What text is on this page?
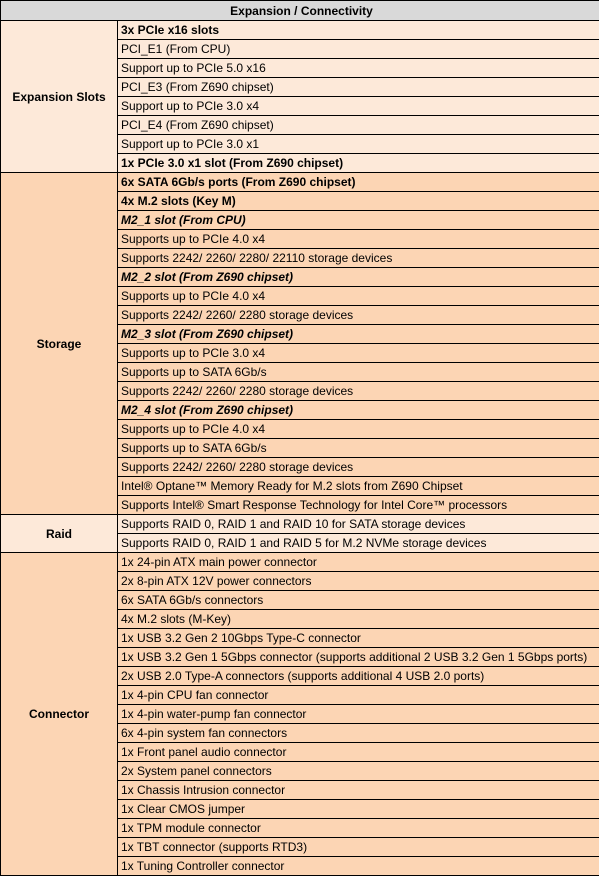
Expansion / Connectivity	
Expansion Slots	3x PCIe x16 slots
	PCI_E1 (From CPU)
	Support up to PCIe 5.0 x16
	PCI_E3 (From Z690 chipset)
	Support up to PCIe 3.0 x4
	PCI_E4 (From Z690 chipset)
	Support up to PCIe 3.0 x1
	1x PCIe 3.0 x1 slot (From Z690 chipset)
Storage	6x SATA 6Gb/s ports (From Z690 chipset)
	4x M.2 slots (Key M)
	M2_1 slot (From CPU)
	Supports up to PCIe 4.0 x4
	Supports 2242/ 2260/ 2280/ 22110 storage devices
	M2_2 slot (From Z690 chipset)
	Supports up to PCIe 4.0 x4
	Supports 2242/ 2260/ 2280 storage devices
	M2_3 slot (From Z690 chipset)
	Supports up to PCIe 3.0 x4
	Supports up to SATA 6Gb/s
	Supports 2242/ 2260/ 2280 storage devices
	M2_4 slot (From Z690 chipset)
	Supports up to PCIe 4.0 x4
	Supports up to SATA 6Gb/s
	Supports 2242/ 2260/ 2280 storage devices
	Intel® Optane™ Memory Ready for M.2 slots from Z690 Chipset
	Supports Intel® Smart Response Technology for Intel Core™ processors
Raid	Supports RAID 0, RAID 1 and RAID 10 for SATA storage devices
	Supports RAID 0, RAID 1 and RAID 5 for M.2 NVMe storage devices
Connector	1x 24-pin ATX main power connector
	2x 8-pin ATX 12V power connectors
	6x SATA 6Gb/s connectors
	4x M.2 slots (M-Key)
	1x USB 3.2 Gen 2 10Gbps Type-C connector
	1x USB 3.2 Gen 1 5Gbps connector (supports additional 2 USB 3.2 Gen 1 5Gbps ports)
	2x USB 2.0 Type-A connectors (supports additional 4 USB 2.0 ports)
	1x 4-pin CPU fan connector
	1x 4-pin water-pump fan connector
	6x 4-pin system fan connectors
	1x Front panel audio connector
	2x System panel connectors
	1x Chassis Intrusion connector
	1x Clear CMOS jumper
	1x TPM module connector
	1x TBT connector (supports RTD3)
	1x Tuning Controller connector
